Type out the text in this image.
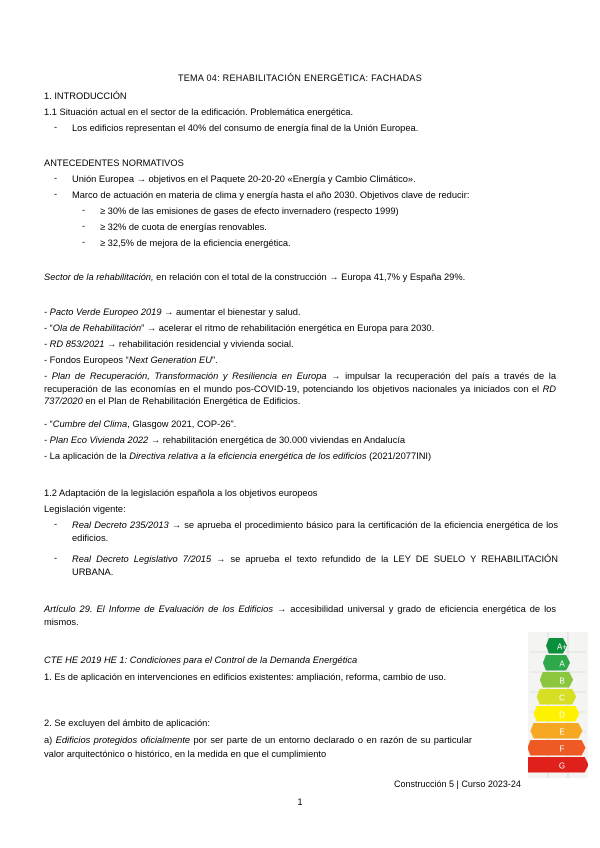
TEMA 04: REHABILITACIÓN ENERGÉTICA: FACHADAS
1. INTRODUCCIÓN
1.1 Situación actual en el sector de la edificación. Problemática energética.
- Los edificios representan el 40% del consumo de energía final de la Unión Europea.
ANTECEDENTES NORMATIVOS
- Unión Europea → objetivos en el Paquete 20-20-20 «Energía y Cambio Climático».
- Marco de actuación en materia de clima y energía hasta el año 2030. Objetivos clave de reducir:
- ≥ 30% de las emisiones de gases de efecto invernadero (respecto 1999)
- ≥ 32% de cuota de energías renovables.
- ≥ 32,5% de mejora de la eficiencia energética.
Sector de la rehabilitación, en relación con el total de la construcción → Europa 41,7% y España 29%.
- Pacto Verde Europeo 2019 → aumentar el bienestar y salud.
- “Ola de Rehabilitación” → acelerar el ritmo de rehabilitación energética en Europa para 2030.
- RD 853/2021 → rehabilitación residencial y vivienda social.
- Fondos Europeos “Next Generation EU”.
- Plan de Recuperación, Transformación y Resiliencia en Europa → impulsar la recuperación del país a través de la recuperación de las economías en el mundo pos-COVID-19, potenciando los objetivos nacionales ya iniciados con el RD 737/2020 en el Plan de Rehabilitación Energética de Edificios.
- “Cumbre del Clima, Glasgow 2021, COP-26”.
- Plan Eco Vivienda 2022 → rehabilitación energética de 30.000 viviendas en Andalucía
- La aplicación de la Directiva relativa a la eficiencia energética de los edificios (2021/2077INI)
1.2 Adaptación de la legislación española a los objetivos europeos
Legislación vigente:
- Real Decreto 235/2013 → se aprueba el procedimiento básico para la certificación de la eficiencia energética de los edificios.
- Real Decreto Legislativo 7/2015 → se aprueba el texto refundido de la LEY DE SUELO Y REHABILITACIÓN URBANA.
Artículo 29. El Informe de Evaluación de los Edificios → accesibilidad universal y grado de eficiencia energética de los mismos.
CTE HE 2019 HE 1: Condiciones para el Control de la Demanda Energética
1. Es de aplicación en intervenciones en edificios existentes: ampliación, reforma, cambio de uso.
2. Se excluyen del ámbito de aplicación:
a) Edificios protegidos oficialmente por ser parte de un entorno declarado o en razón de su particular valor arquitectónico o histórico, en la medida en que el cumplimiento
A+
A
B
C
D
E
F
G
Construcción 5 | Curso 2023-24
1
